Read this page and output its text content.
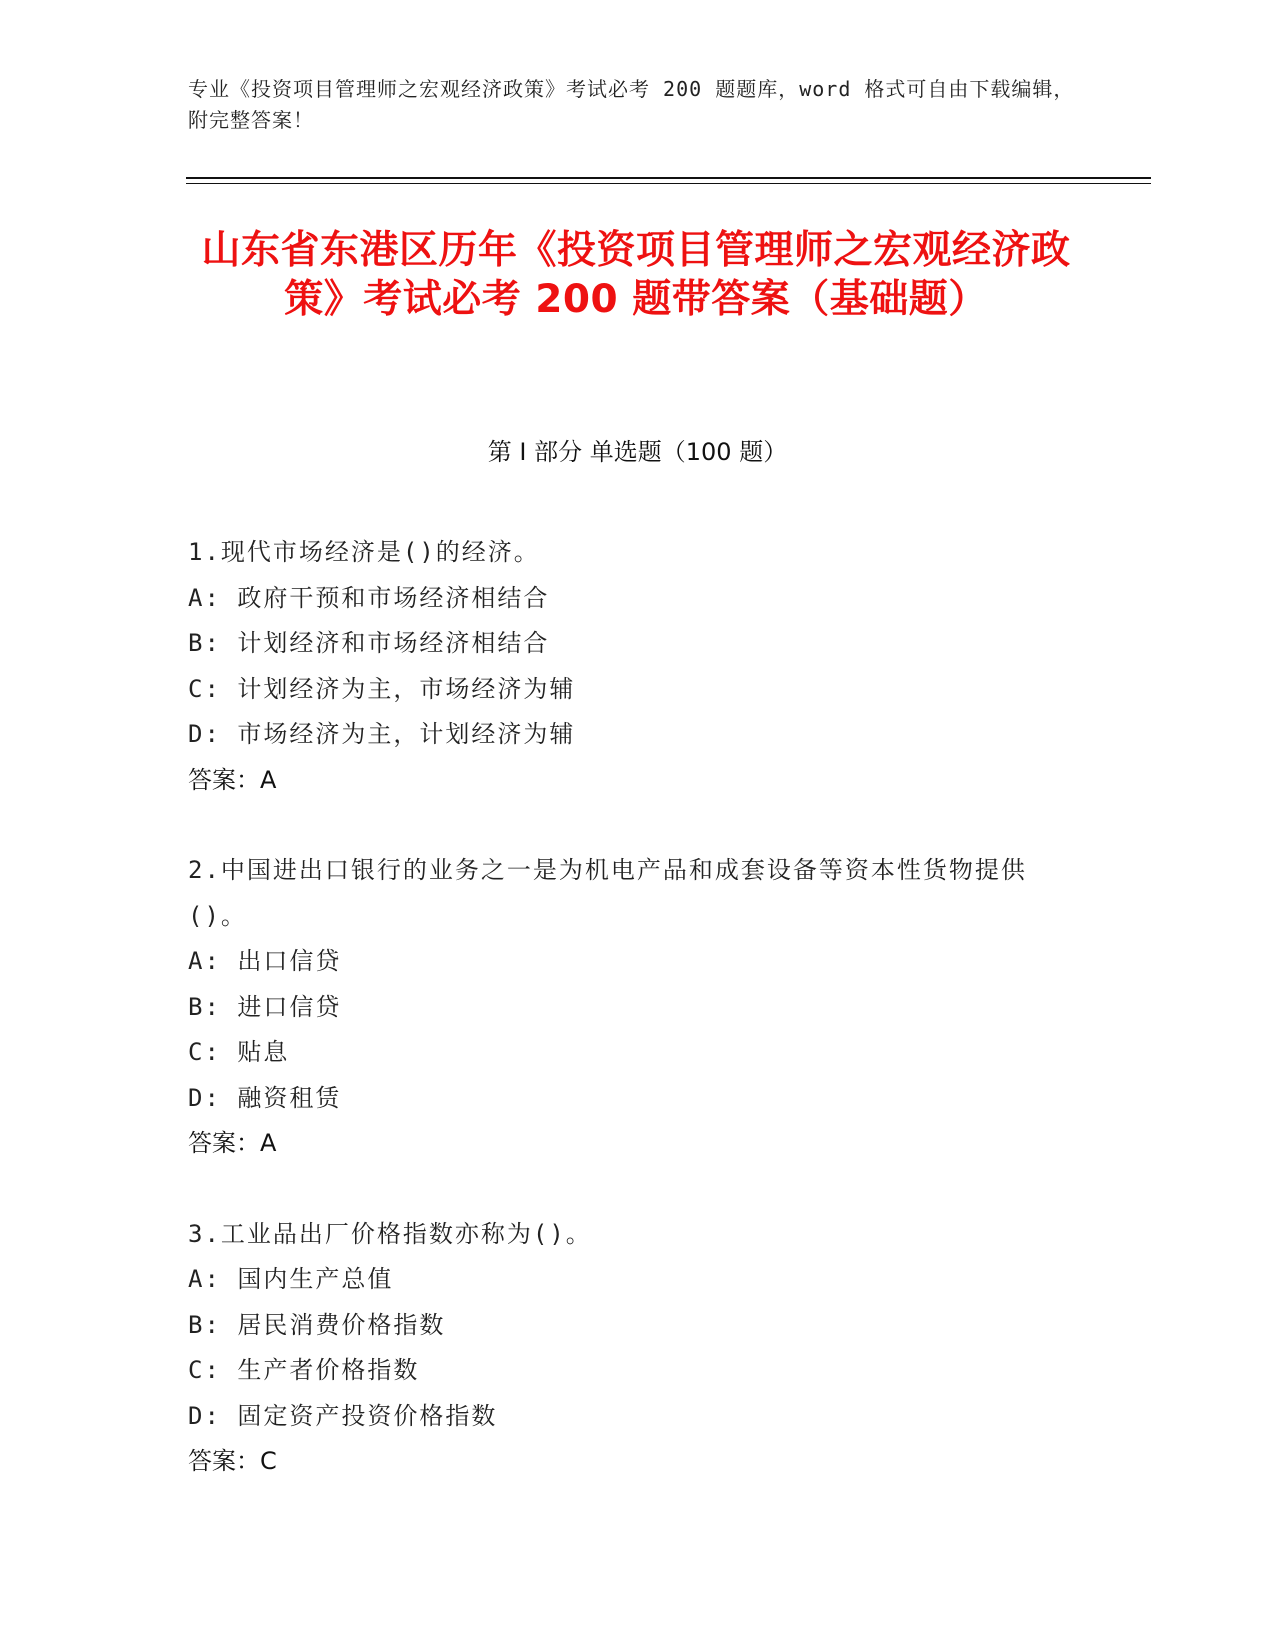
专业《投资项目管理师之宏观经济政策》考试必考 200 题题库，word 格式可自由下载编辑，附完整答案！
山东省东港区历年《投资项目管理师之宏观经济政策》考试必考 200 题带答案（基础题）
第 I 部分 单选题（100 题）
1.现代市场经济是()的经济。
A: 政府干预和市场经济相结合
B: 计划经济和市场经济相结合
C: 计划经济为主，市场经济为辅
D: 市场经济为主，计划经济为辅
答案：A
2.中国进出口银行的业务之一是为机电产品和成套设备等资本性货物提供()。
A: 出口信贷
B: 进口信贷
C: 贴息
D: 融资租赁
答案：A
3.工业品出厂价格指数亦称为()。
A: 国内生产总值
B: 居民消费价格指数
C: 生产者价格指数
D: 固定资产投资价格指数
答案：C
